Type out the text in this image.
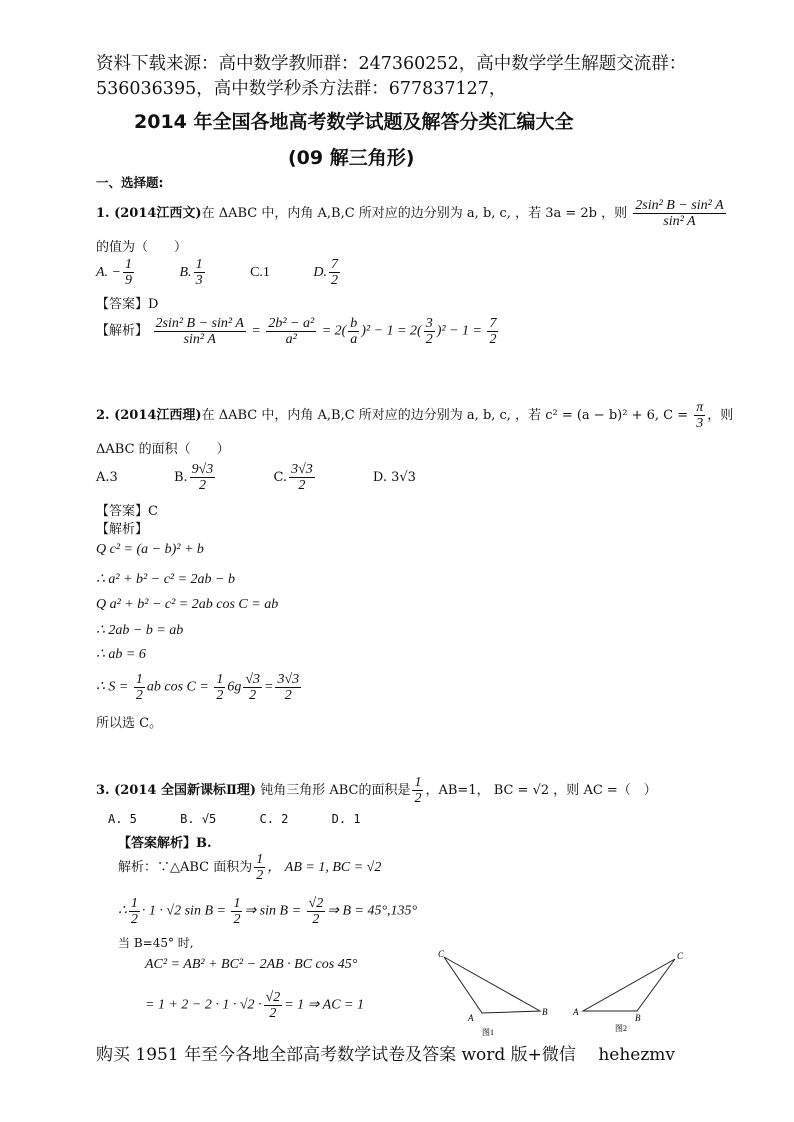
资料下载来源：高中数学教师群：247360252，高中数学学生解题交流群：
536036395，高中数学秒杀方法群：677837127，
2014 年全国各地高考数学试题及解答分类汇编大全
(09 解三角形)
一、选择题:
1. (2014江西文)在 ΔABC 中，内角 A,B,C 所对应的边分别为 a, b, c, ，若 3a = 2b ，则 $\frac{\text{2sin² B − sin² A}}{\text{sin² A}}$
的值为（　　）
A. − $\frac{1}{9}$	B. $\frac{1}{3}$	C.1	D. $\frac{7}{2}$
【答案】D
【解析】 $\frac{\text{2sin² B − sin² A}}{\text{sin² A}} = \frac{\text{2b² − a²}}{\text{a²}} = 2( \frac{b}{a} )^2 - 1 = 2( \frac{3}{2} )^2 - 1 = \frac{7}{2}$
2. (2014江西理)在 ΔABC 中，内角 A,B,C 所对应的边分别为 a, b, c, ，若 c² = (a − b)² + 6, $C = \frac{\pi}{3}$ ，则
ΔABC 的面积（　　）
A.3	B. $\frac{9√3}{2}$	C. $\frac{3√3}{2}$	D. 3√3
【答案】C
【解析】
Q c² = (a − b)² + b
∴ a² + b² − c² = 2ab − b
Q a² + b² − c² = 2ab cos C = ab
∴ 2ab − b = ab
∴ ab = 6
∴ $S = \frac{1}{2}$ ab $\cos C = \frac{1}{2} 6g \frac{√3}{2} = \frac{3√3}{2}$
所以选 C。
3. (2014 全国新课标Ⅱ理) 钝角三角形 ABC的面积是 $\frac{1}{2}$ ，AB=1， BC = √2 ，则 AC =（　）
A. 5	B. √5	C. 2	D. 1
【答案解析】B.
解析：∵△ABC 面积为 $\frac{1}{2}$ ， AB = 1, BC = √2
∴ $\frac{1}{2} \cdot 1 \cdot √2$ $\sin B = \frac{1}{2}$ ⇒ $\sin B = \frac{√2}{2}$ ⇒ B = 45°,135°
当 B=45° 时,
AC² = AB² + BC² − 2AB · BC cos 45°
= $1 + 2 - 2 \cdot 1 \cdot √2 \cdot \frac{√2}{2} = 1$ ⇒ AC = 1
C
A
B
图1
A
B
C
图2
购买 1951 年至今各地全部高考数学试卷及答案 word 版+微信　 hehezmv
